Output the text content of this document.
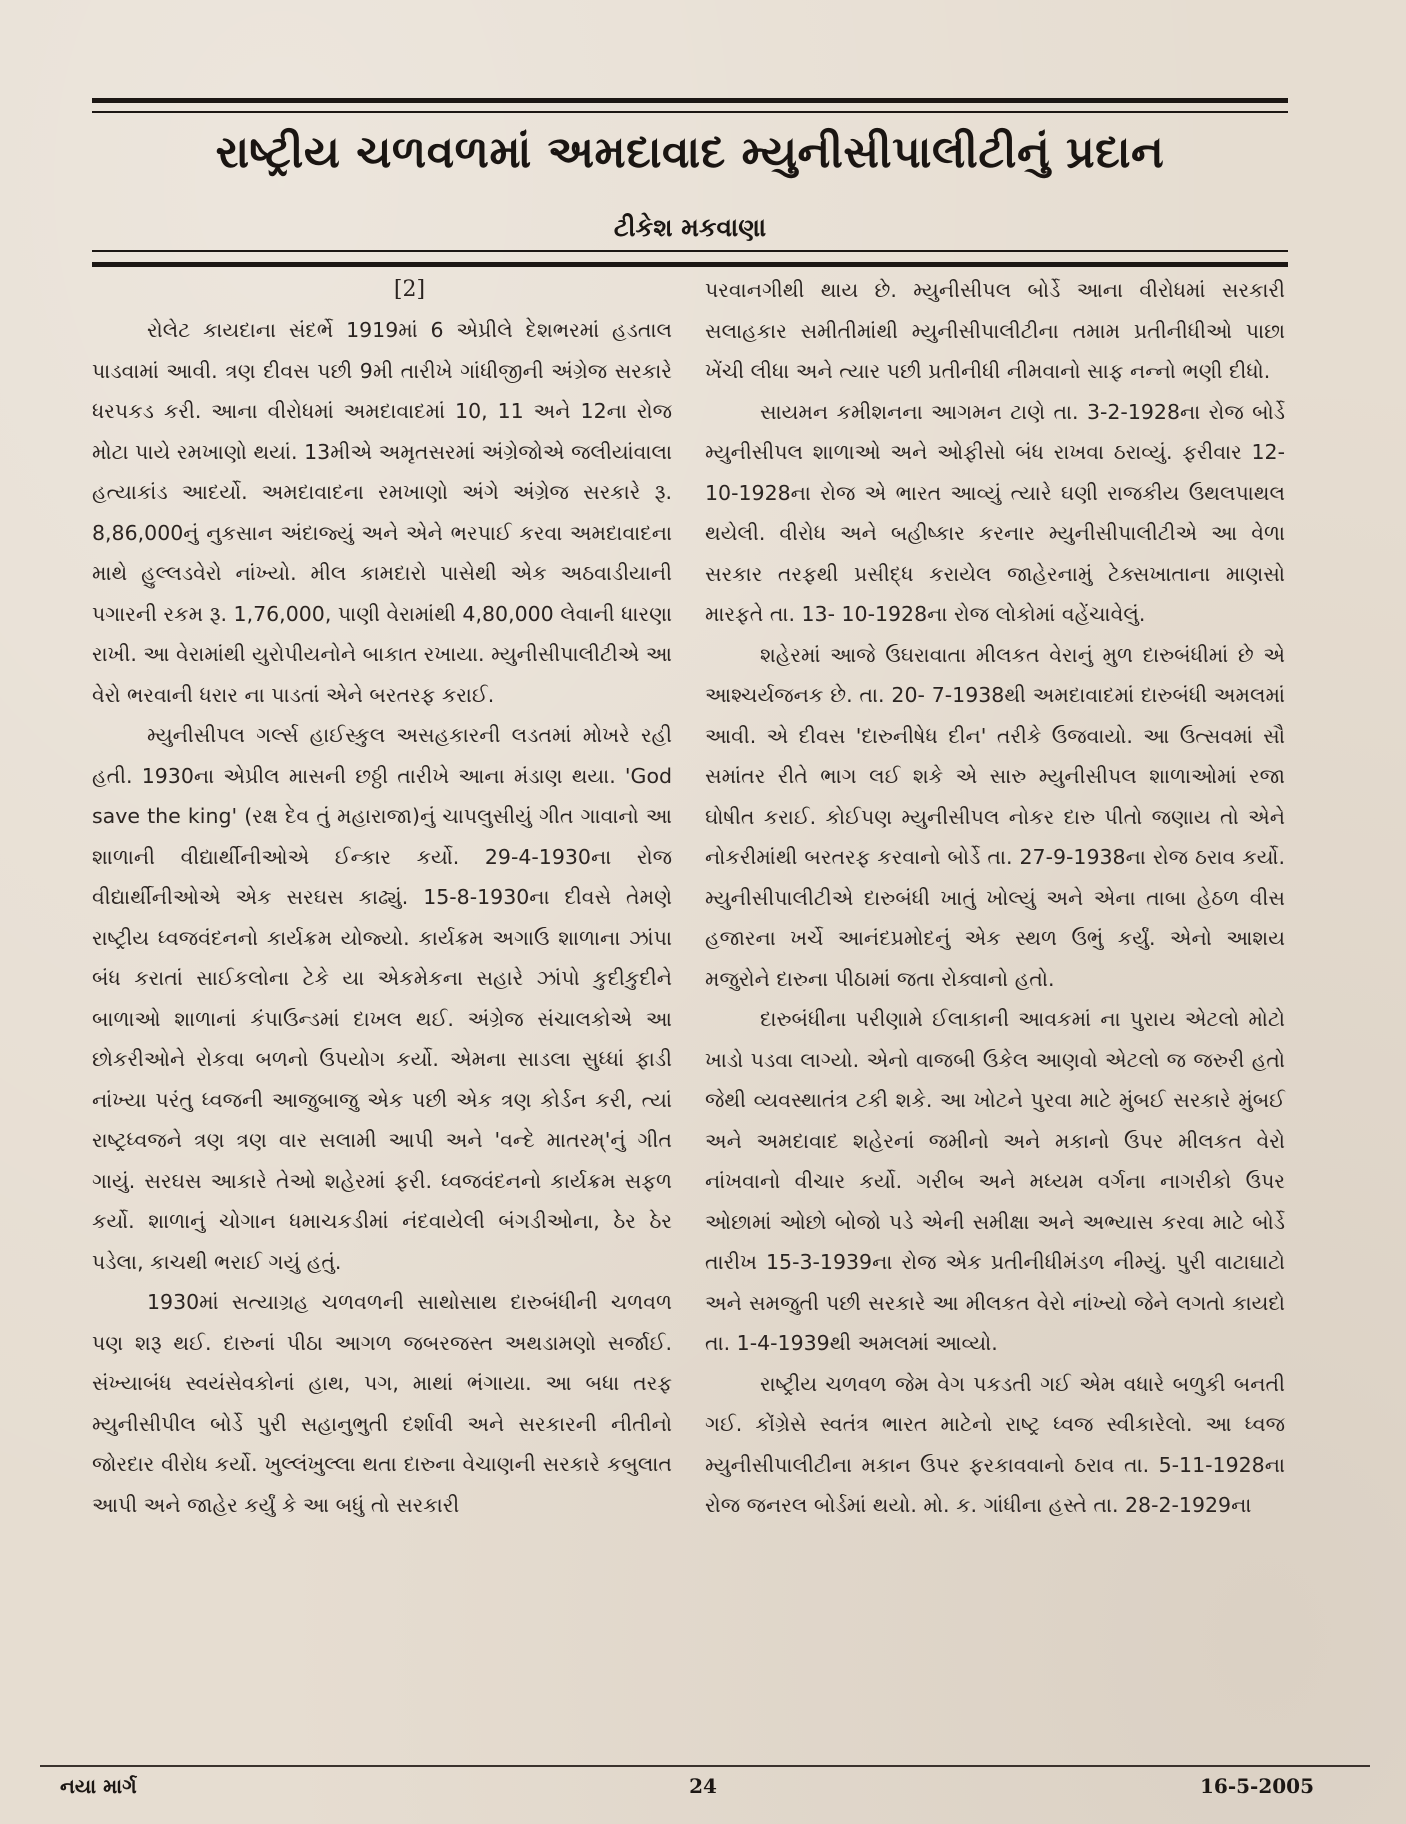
રાષ્ટ્રીય ચળવળમાં અમદાવાદ મ્યુનીસીપાલીટીનું પ્રદાન
ટીકેશ મકવાણા

[2]

રોલેટ કાયદાના સંદર્ભે 1919માં 6 એપ્રીલે દેશભરમાં હડતાલ પાડવામાં આવી. ત્રણ દીવસ પછી 9મી તારીખે ગાંધીજીની અંગ્રેજ સરકારે ધરપકડ કરી. આના વીરોધમાં અમદાવાદમાં 10, 11 અને 12ના રોજ મોટા પાયે રમખાણો થયાં. 13મીએ અમૃતસરમાં અંગ્રેજોએ જલીયાંવાલા હત્યાકાંડ આદર્યો. અમદાવાદના રમખાણો અંગે અંગ્રેજ સરકારે રૂ. 8,86,000નું નુકસાન અંદાજ્યું અને એને ભરપાઈ કરવા અમદાવાદના માથે હુલ્લડવેરો નાંખ્યો. મીલ કામદારો પાસેથી એક અઠવાડીયાની પગારની રકમ રૂ. 1,76,000, પાણી વેરામાંથી 4,80,000 લેવાની ધારણા રાખી. આ વેરામાંથી યુરોપીયનોને બાકાત રખાયા. મ્યુનીસીપાલીટીએ આ વેરો ભરવાની ધરાર ના પાડતાં એને બરતરફ કરાઈ.

મ્યુનીસીપલ ગર્લ્સ હાઈસ્કુલ અસહકારની લડતમાં મોખરે રહી હતી. 1930ના એપ્રીલ માસની છઠ્ઠી તારીખે આના મંડાણ થયા. 'God save the king' (રક્ષ દેવ તું મહારાજા)નું ચાપલુસીયું ગીત ગાવાનો આ શાળાની વીદ્યાર્થીનીઓએ ઈન્કાર કર્યો. 29-4-1930ના રોજ વીદ્યાર્થીનીઓએ એક સરઘસ કાઢ્યું. 15-8-1930ના દીવસે તેમણે રાષ્ટ્રીય ધ્વજવંદનનો કાર્યક્રમ યોજ્યો. કાર્યક્રમ અગાઉ શાળાના ઝાંપા બંધ કરાતાં સાઈકલોના ટેકે યા એકમેકના સહારે ઝાંપો કુદીકુદીને બાળાઓ શાળાનાં કંપાઉન્ડમાં દાખલ થઈ. અંગ્રેજ સંચાલકોએ આ છોકરીઓને રોકવા બળનો ઉપયોગ કર્યો. એમના સાડલા સુધ્ધાં ફાડી નાંખ્યા પરંતુ ધ્વજની આજુબાજુ એક પછી એક ત્રણ કોર્ડન કરી, ત્યાં રાષ્ટ્રધ્વજને ત્રણ ત્રણ વાર સલામી આપી અને 'વન્દે માતરમ્'નું ગીત ગાયું. સરઘસ આકારે તેઓ શહેરમાં ફરી. ધ્વજવંદનનો કાર્યક્રમ સફળ કર્યો. શાળાનું ચોગાન ધમાચકડીમાં નંદવાયેલી બંગડીઓના, ઠેર ઠેર પડેલા, કાચથી ભરાઈ ગયું હતું.

1930માં સત્યાગ્રહ ચળવળની સાથોસાથ દારુબંધીની ચળવળ પણ શરૂ થઈ. દારુનાં પીઠા આગળ જબરજસ્ત અથડામણો સર્જાઈ. સંખ્યાબંધ સ્વયંસેવકોનાં હાથ, પગ, માથાં ભંગાયા. આ બધા તરફ મ્યુનીસીપીલ બોર્ડે પુરી સહાનુભુતી દર્શાવી અને સરકારની નીતીનો જોરદાર વીરોધ કર્યો. ખુલ્લંખુલ્લા થતા દારુના વેચાણની સરકારે કબુલાત આપી અને જાહેર કર્યું કે આ બધું તો સરકારી

પરવાનગીથી થાય છે. મ્યુનીસીપલ બોર્ડે આના વીરોધમાં સરકારી સલાહકાર સમીતીમાંથી મ્યુનીસીપાલીટીના તમામ પ્રતીનીધીઓ પાછા ખેંચી લીધા અને ત્યાર પછી પ્રતીનીધી નીમવાનો સાફ નન્નો ભણી દીધો.

સાયમન કમીશનના આગમન ટાણે તા. 3-2-1928ના રોજ બોર્ડે મ્યુનીસીપલ શાળાઓ અને ઓફીસો બંધ રાખવા ઠરાવ્યું. ફરીવાર 12-10-1928ના રોજ એ ભારત આવ્યું ત્યારે ઘણી રાજકીય ઉથલપાથલ થયેલી. વીરોધ અને બહીષ્કાર કરનાર મ્યુનીસીપાલીટીએ આ વેળા સરકાર તરફથી પ્રસીદ્ધ કરાયેલ જાહેરનામું ટેક્સખાતાના માણસો મારફતે તા. 13- 10-1928ના રોજ લોકોમાં વહેંચાવેલું.

શહેરમાં આજે ઉઘરાવાતા મીલકત વેરાનું મુળ દારુબંધીમાં છે એ આશ્ચર્યજનક છે. તા. 20- 7-1938થી અમદાવાદમાં દારુબંધી અમલમાં આવી. એ દીવસ 'દારુનીષેધ દીન' તરીકે ઉજવાયો. આ ઉત્સવમાં સૌ સમાંતર રીતે ભાગ લઈ શકે એ સારુ મ્યુનીસીપલ શાળાઓમાં રજા ઘોષીત કરાઈ. કોઈપણ મ્યુનીસીપલ નોકર દારુ પીતો જણાય તો એને નોકરીમાંથી બરતરફ કરવાનો બોર્ડે તા. 27-9-1938ના રોજ ઠરાવ કર્યો. મ્યુનીસીપાલીટીએ દારુબંધી ખાતું ખોલ્યું અને એના તાબા હેઠળ વીસ હજારના ખર્ચે આનંદપ્રમોદનું એક સ્થળ ઉભું કર્યું. એનો આશય મજુરોને દારુના પીઠામાં જતા રોક્વાનો હતો.

દારુબંધીના પરીણામે ઈલાકાની આવકમાં ના પુરાય એટલો મોટો ખાડો પડવા લાગ્યો. એનો વાજબી ઉકેલ આણવો એટલો જ જરુરી હતો જેથી વ્યવસ્થાતંત્ર ટકી શકે. આ ખોટને પુરવા માટે મુંબઈ સરકારે મુંબઈ અને અમદાવાદ શહેરનાં જમીનો અને મકાનો ઉપર મીલકત વેરો નાંખવાનો વીચાર કર્યો. ગરીબ અને મધ્યમ વર્ગના નાગરીકો ઉપર ઓછામાં ઓછો બોજો પડે એની સમીક્ષા અને અભ્યાસ કરવા માટે બોર્ડે તારીખ 15-3-1939ના રોજ એક પ્રતીનીધીમંડળ નીમ્યું. પુરી વાટાઘાટો અને સમજુતી પછી સરકારે આ મીલકત વેરો નાંખ્યો જેને લગતો કાયદો તા. 1-4-1939થી અમલમાં આવ્યો.

રાષ્ટ્રીય ચળવળ જેમ વેગ પકડતી ગઈ એમ વધારે બળુકી બનતી ગઈ. કોંગ્રેસે સ્વતંત્ર ભારત માટેનો રાષ્ટ્ર ધ્વજ સ્વીકારેલો. આ ધ્વજ મ્યુનીસીપાલીટીના મકાન ઉપર ફરકાવવાનો ઠરાવ તા. 5-11-1928ના રોજ જનરલ બોર્ડમાં થયો. મો. ક. ગાંધીના હસ્તે તા. 28-2-1929ના

નયા માર્ગ	24	16-5-2005
